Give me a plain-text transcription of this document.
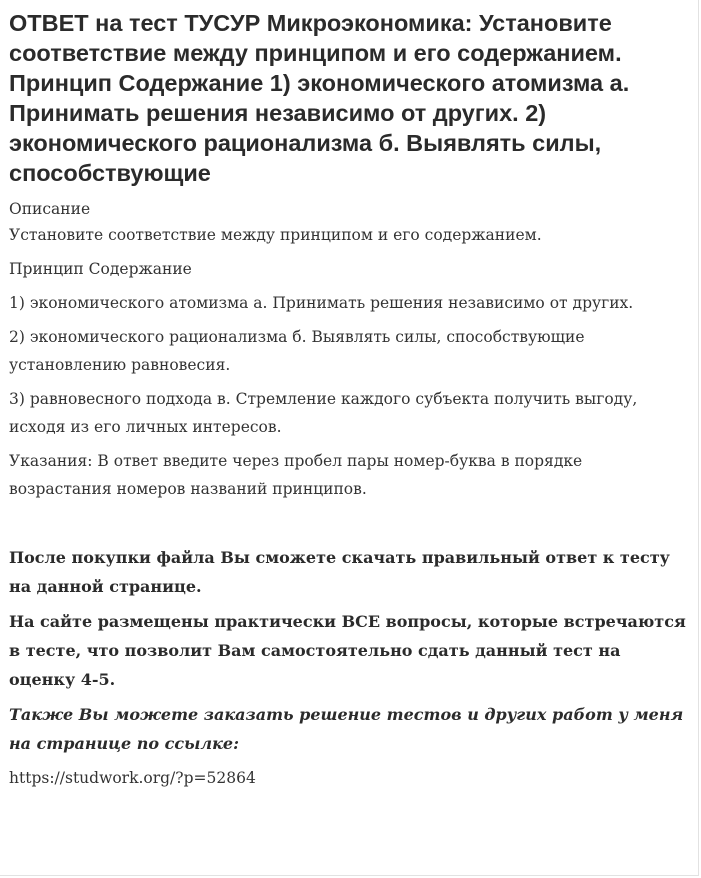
ОТВЕТ на тест ТУСУР Микроэкономика: Установите соответствие между принципом и его содержанием. Принцип Содержание 1) экономического атомизма а. Принимать решения независимо от других. 2) экономического рационализма б. Выявлять силы, способствующие

Описание

Установите соответствие между принципом и его содержанием.

Принцип Содержание

1) экономического атомизма а. Принимать решения независимо от других.

2) экономического рационализма б. Выявлять силы, способствующие установлению равновесия.

3) равновесного подхода в. Стремление каждого субъекта получить выгоду, исходя из его личных интересов.

Указания: В ответ введите через пробел пары номер-буква в порядке возрастания номеров названий принципов.

После покупки файла Вы сможете скачать правильный ответ к тесту на данной странице.

На сайте размещены практически ВСЕ вопросы, которые встречаются в тесте, что позволит Вам самостоятельно сдать данный тест на оценку 4-5.

Также Вы можете заказать решение тестов и других работ у меня на странице по ссылке:

https://studwork.org/?p=52864
